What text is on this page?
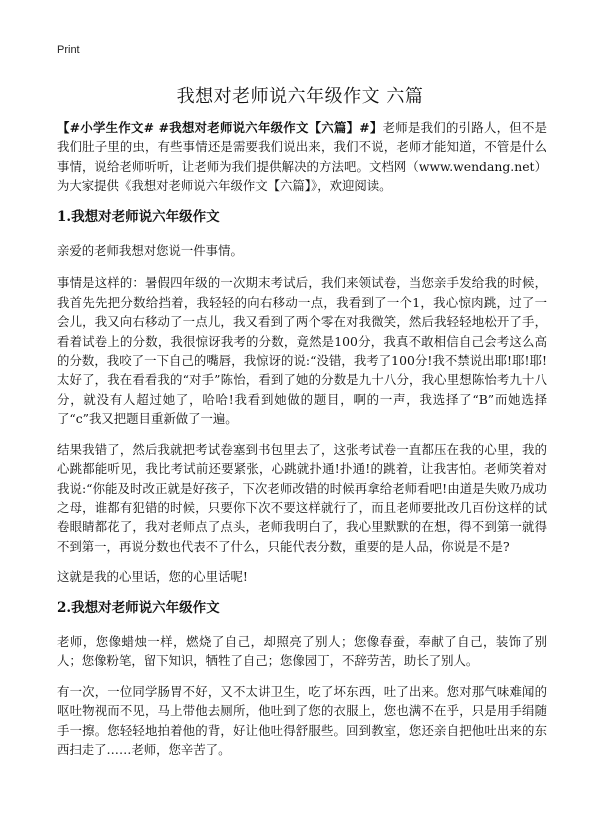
Print
我想对老师说六年级作文 六篇

【#小学生作文# #我想对老师说六年级作文【六篇】#】老师是我们的引路人，但不是我们肚子里的虫，有些事情还是需要我们说出来，我们不说，老师才能知道，不管是什么事情，说给老师听听，让老师为我们提供解决的方法吧。文档网（www.wendang.net）为大家提供《我想对老师说六年级作文【六篇】》，欢迎阅读。

1.我想对老师说六年级作文

亲爱的老师我想对您说一件事情。

事情是这样的：暑假四年级的一次期末考试后，我们来领试卷，当您亲手发给我的时候，我首先先把分数给挡着，我轻轻的向右移动一点，我看到了一个1，我心惊肉跳，过了一会儿，我又向右移动了一点儿，我又看到了两个零在对我微笑，然后我轻轻地松开了手，看着试卷上的分数，我很惊讶我考的分数，竟然是100分，我真不敢相信自己会考这么高的分数，我咬了一下自己的嘴唇，我惊讶的说:“没错，我考了100分!我不禁说出耶!耶!耶!太好了，我在看看我的“对手”陈怡，看到了她的分数是九十八分，我心里想陈怡考九十八分，就没有人超过她了，哈哈!我看到她做的题目，啊的一声，我选择了“B”而她选择了“c”我又把题目重新做了一遍。

结果我错了，然后我就把考试卷塞到书包里去了，这张考试卷一直都压在我的心里，我的心跳都能听见，我比考试前还要紧张，心跳就扑通!扑通!的跳着，让我害怕。老师笑着对我说:“你能及时改正就是好孩子，下次老师改错的时候再拿给老师看吧!由道是失败乃成功之母，谁都有犯错的时候，只要你下次不要这样就行了，而且老师要批改几百份这样的试卷眼睛都花了，我对老师点了点头，老师我明白了，我心里默默的在想，得不到第一就得不到第一，再说分数也代表不了什么，只能代表分数，重要的是人品，你说是不是?

这就是我的心里话，您的心里话呢!

2.我想对老师说六年级作文

老师，您像蜡烛一样，燃烧了自己，却照亮了别人；您像春蚕，奉献了自己，装饰了别人；您像粉笔，留下知识，牺牲了自己；您像园丁，不辞劳苦，助长了别人。

有一次，一位同学肠胃不好，又不太讲卫生，吃了坏东西，吐了出来。您对那气味难闻的呕吐物视而不见，马上带他去厕所，他吐到了您的衣服上，您也满不在乎，只是用手绢随手一擦。您轻轻地拍着他的背，好让他吐得舒服些。回到教室，您还亲自把他吐出来的东西扫走了……老师，您辛苦了。
